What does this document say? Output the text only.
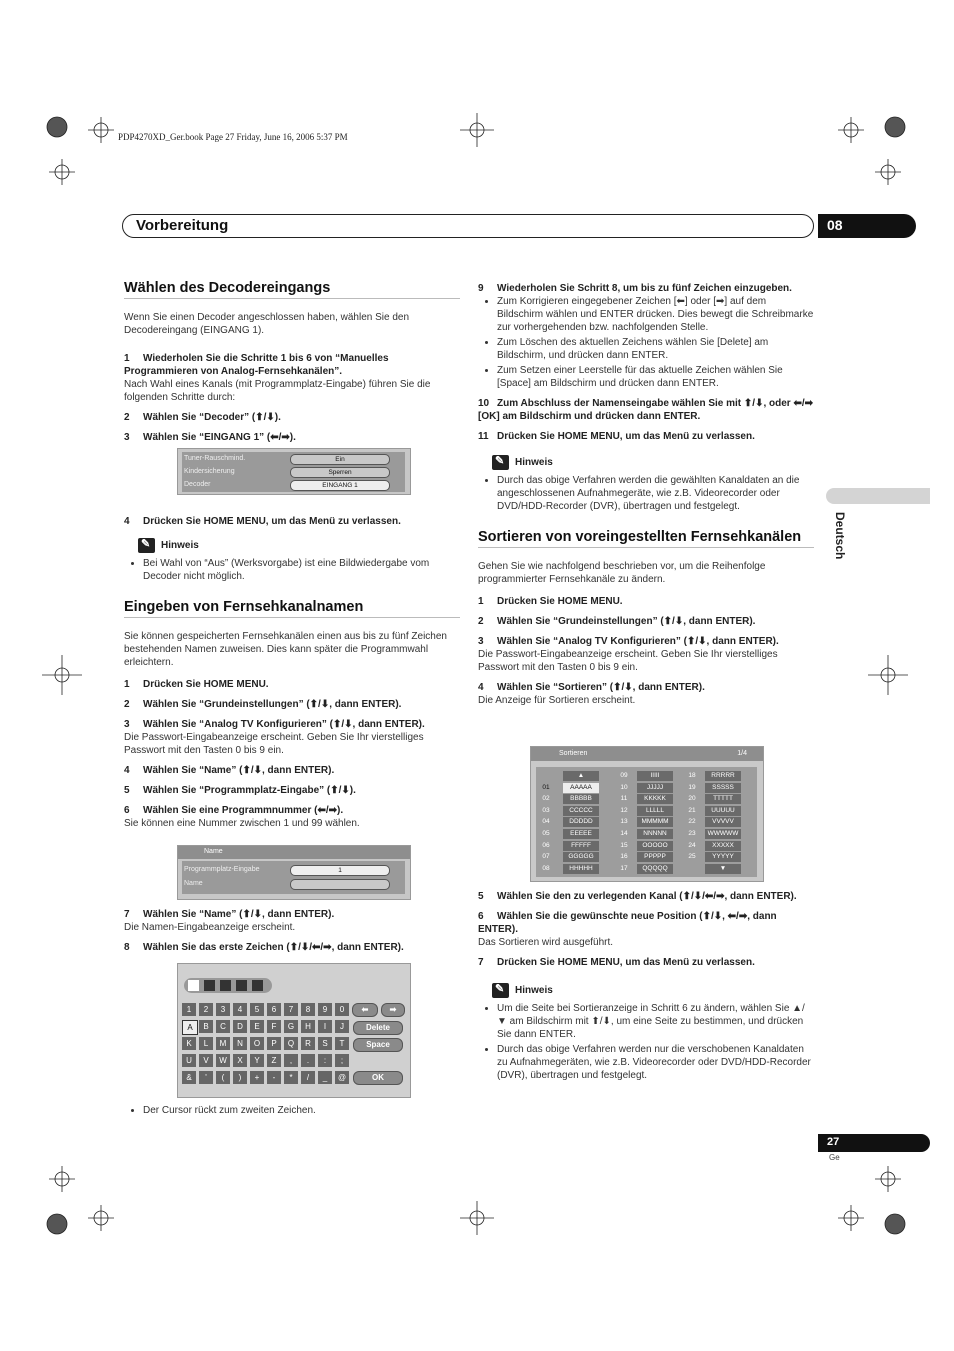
PDP4270XD_Ger.book Page 27 Friday, June 16, 2006 5:37 PM
Vorbereitung	08
Deutsch
27
Ge
Wählen des Decodereingangs

Wenn Sie einen Decoder angeschlossen haben, wählen Sie den Decodereingang (EINGANG 1).

1 Wiederholen Sie die Schritte 1 bis 6 von “Manuelles Programmieren von Analog-Fernsehkanälen”.

Nach Wahl eines Kanals (mit Programmplatz-Eingabe) führen Sie die folgenden Schritte durch:

2 Wählen Sie “Decoder” (⬆/⬇).
3 Wählen Sie “EINGANG 1” (⬅/➡).
4 Drücken Sie HOME MENU, um das Menü zu verlassen.
✎
Hinweis
• Bei Wahl von “Aus” (Werksvorgabe) ist eine Bildwiedergabe vom Decoder nicht möglich.
Eingeben von Fernsehkanalnamen

Sie können gespeicherten Fernsehkanälen einen aus bis zu fünf Zeichen bestehenden Namen zuweisen. Dies kann später die Programmwahl erleichtern.

1 Drücken Sie HOME MENU.
2 Wählen Sie “Grundeinstellungen” (⬆/⬇, dann ENTER).
3 Wählen Sie “Analog TV Konfigurieren” (⬆/⬇, dann ENTER).

Die Passwort-Eingabeanzeige erscheint. Geben Sie Ihr vierstelliges Passwort mit den Tasten 0 bis 9 ein.

4 Wählen Sie “Name” (⬆/⬇, dann ENTER).
5 Wählen Sie “Programmplatz-Eingabe” (⬆/⬇).
6 Wählen Sie eine Programmnummer (⬅/➡).

Sie können eine Nummer zwischen 1 und 99 wählen.

Tuner-Rauschmind.	Ein
Kindersicherung	Sperren
Decoder	EINGANG 1
Name
Programmplatz-Eingabe	1
Name
7 Wählen Sie “Name” (⬆/⬇, dann ENTER).

Die Namen-Eingabeanzeige erscheint.

8 Wählen Sie das erste Zeichen (⬆/⬇/⬅/➡, dann ENTER).
⬅	➡
Delete
Space
OK
1	2	3	4	5	6	7	8	9	0
A	B	C	D	E	F	G	H	I	J
K	L	M	N	O	P	Q	R	S	T
U	V	W	X	Y	Z	,	.	:	;
&	'	(	)	+	-	*	/	_	@
• Der Cursor rückt zum zweiten Zeichen.
9 Wiederholen Sie Schritt 8, um bis zu fünf Zeichen einzugeben.
• Zum Korrigieren eingegebener Zeichen [⬅] oder [➡] auf dem Bildschirm wählen und ENTER drücken. Dies bewegt die Schreibmarke zur vorhergehenden bzw. nachfolgenden Stelle.
• Zum Löschen des aktuellen Zeichens wählen Sie [Delete] am Bildschirm, und drücken dann ENTER.
• Zum Setzen einer Leerstelle für das aktuelle Zeichen wählen Sie [Space] am Bildschirm und drücken dann ENTER.
10 Zum Abschluss der Namenseingabe wählen Sie mit ⬆/⬇, oder ⬅/➡ [OK] am Bildschirm und drücken dann ENTER.
11 Drücken Sie HOME MENU, um das Menü zu verlassen.
✎
Hinweis
• Durch das obige Verfahren werden die gewählten Kanaldaten an die angeschlossenen Aufnahmegeräte, wie z.B. Videorecorder oder DVD/HDD-Recorder (DVR), übertragen und festgelegt.
Sortieren von voreingestellten Fernsehkanälen

Gehen Sie wie nachfolgend beschrieben vor, um die Reihenfolge programmierter Fernsehkanäle zu ändern.

1 Drücken Sie HOME MENU.
2 Wählen Sie “Grundeinstellungen” (⬆/⬇, dann ENTER).
3 Wählen Sie “Analog TV Konfigurieren” (⬆/⬇, dann ENTER).

Die Passwort-Eingabeanzeige erscheint. Geben Sie Ihr vierstelliges Passwort mit den Tasten 0 bis 9 ein.

4 Wählen Sie “Sortieren” (⬆/⬇, dann ENTER).

Die Anzeige für Sortieren erscheint.

Sortieren	1/4
01	AAAAA
02	BBBBB
03	CCCCC
04	DDDDD
05	EEEEE
06	FFFFF
07	GGGGG
08	HHHHH
09	IIIII
10	JJJJJ
11	KKKKK
12	LLLLL
13	MMMMM
14	NNNNN
15	OOOOO
16	PPPPP
17	QQQQQ
18	RRRRR
19	SSSSS
20	TTTTT
21	UUUUU
22	VVVVV
23	WWWWW
24	XXXXX
25	YYYYY
▲
▼
5 Wählen Sie den zu verlegenden Kanal (⬆/⬇/⬅/➡, dann ENTER).
6 Wählen Sie die gewünschte neue Position (⬆/⬇, ⬅/➡, dann ENTER).

Das Sortieren wird ausgeführt.

7 Drücken Sie HOME MENU, um das Menü zu verlassen.
✎
Hinweis
• Um die Seite bei Sortieranzeige in Schritt 6 zu ändern, wählen Sie ▲/▼ am Bildschirm mit ⬆/⬇, um eine Seite zu bestimmen, und drücken Sie dann ENTER.
• Durch das obige Verfahren werden nur die verschobenen Kanaldaten zu Aufnahmegeräten, wie z.B. Videorecorder oder DVD/HDD-Recorder (DVR), übertragen und festgelegt.
